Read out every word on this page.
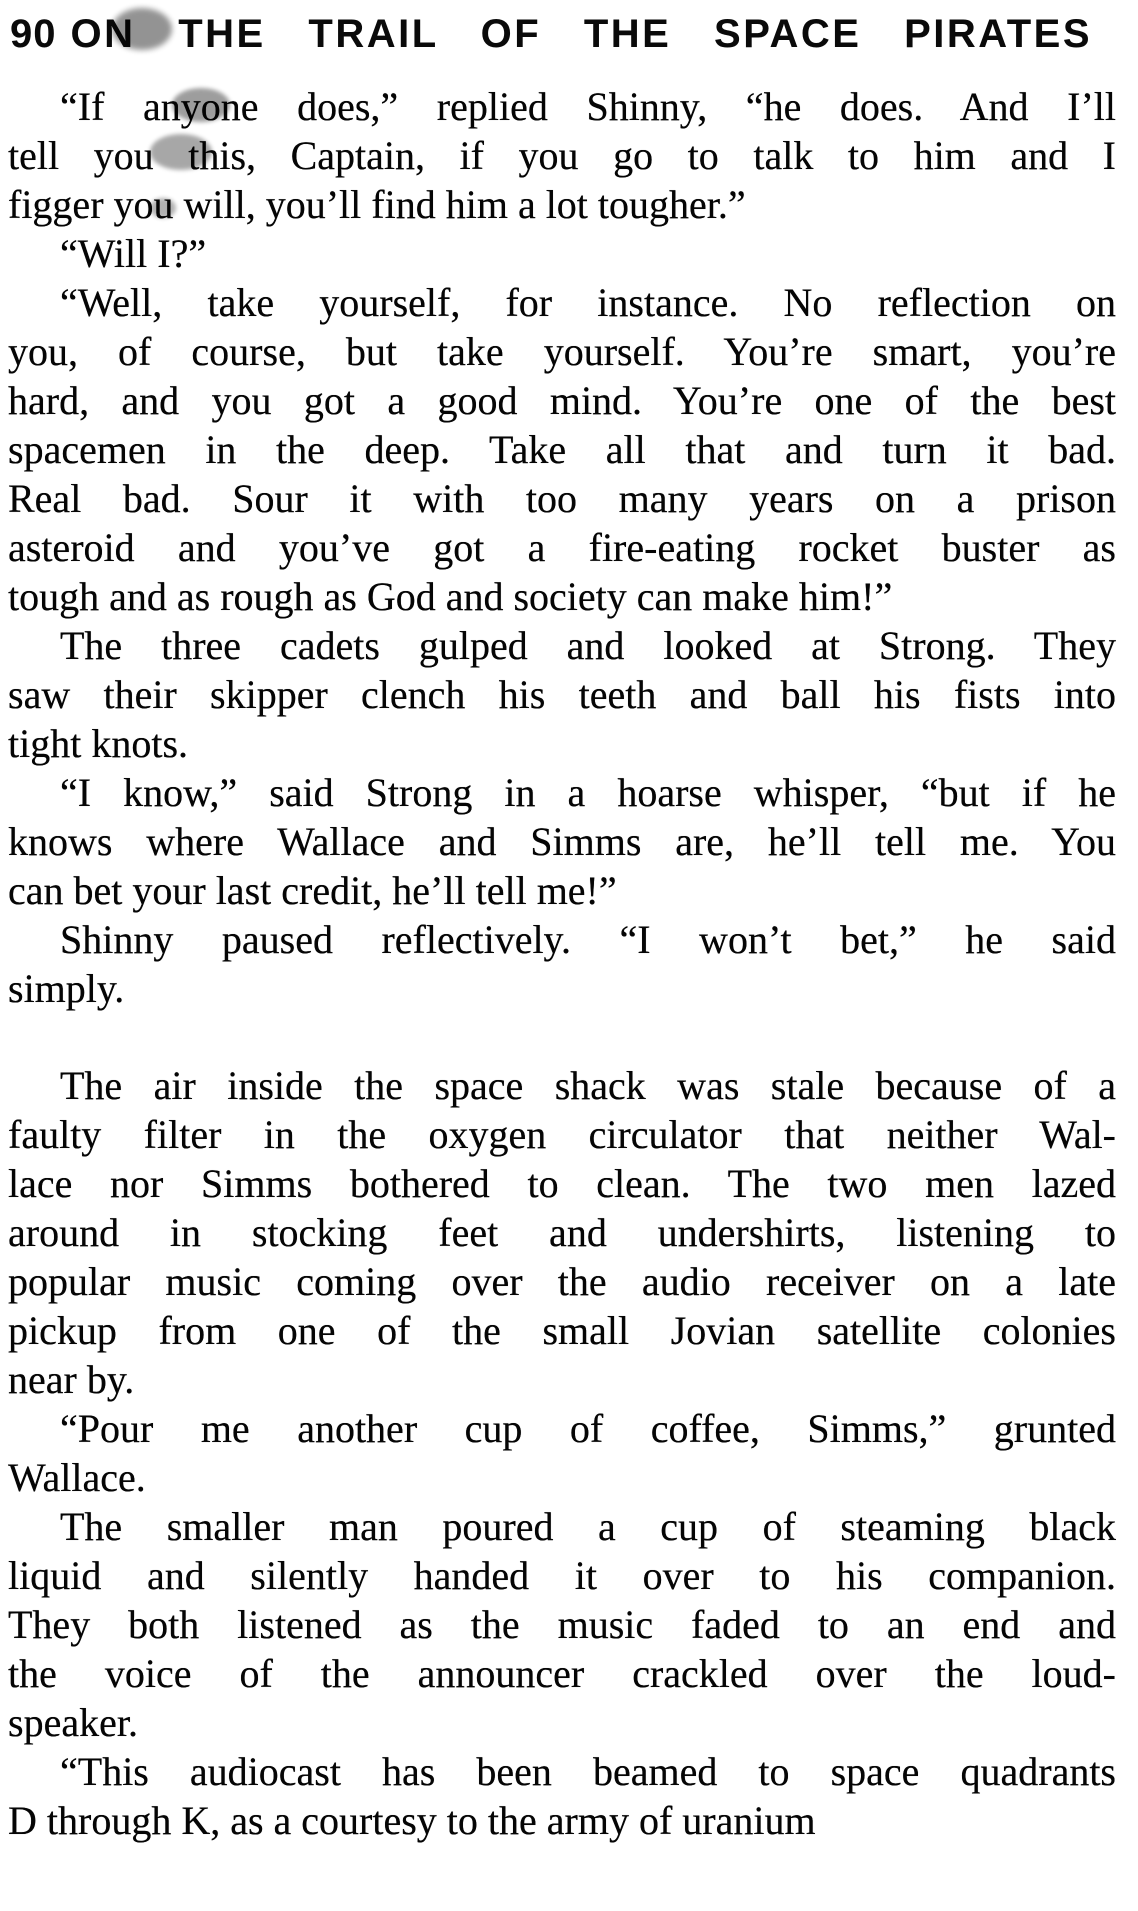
90 ON THE TRAIL OF THE SPACE PIRATES
“If anyone does,” replied Shinny, “he does. And I’ll
tell you this, Captain, if you go to talk to him and I
figger you will, you’ll find him a lot tougher.”
“Will I?”
“Well, take yourself, for instance. No reflection on
you, of course, but take yourself. You’re smart, you’re
hard, and you got a good mind. You’re one of the best
spacemen in the deep. Take all that and turn it bad.
Real bad. Sour it with too many years on a prison
asteroid and you’ve got a fire-eating rocket buster as
tough and as rough as God and society can make him!”
The three cadets gulped and looked at Strong. They
saw their skipper clench his teeth and ball his fists into
tight knots.
“I know,” said Strong in a hoarse whisper, “but if he
knows where Wallace and Simms are, he’ll tell me. You
can bet your last credit, he’ll tell me!”
Shinny paused reflectively. “I won’t bet,” he said
simply.
The air inside the space shack was stale because of a
faulty filter in the oxygen circulator that neither Wal-
lace nor Simms bothered to clean. The two men lazed
around in stocking feet and undershirts, listening to
popular music coming over the audio receiver on a late
pickup from one of the small Jovian satellite colonies
near by.
“Pour me another cup of coffee, Simms,” grunted
Wallace.
The smaller man poured a cup of steaming black
liquid and silently handed it over to his companion.
They both listened as the music faded to an end and
the voice of the announcer crackled over the loud-
speaker.
“This audiocast has been beamed to space quadrants
D through K, as a courtesy to the army of uranium
